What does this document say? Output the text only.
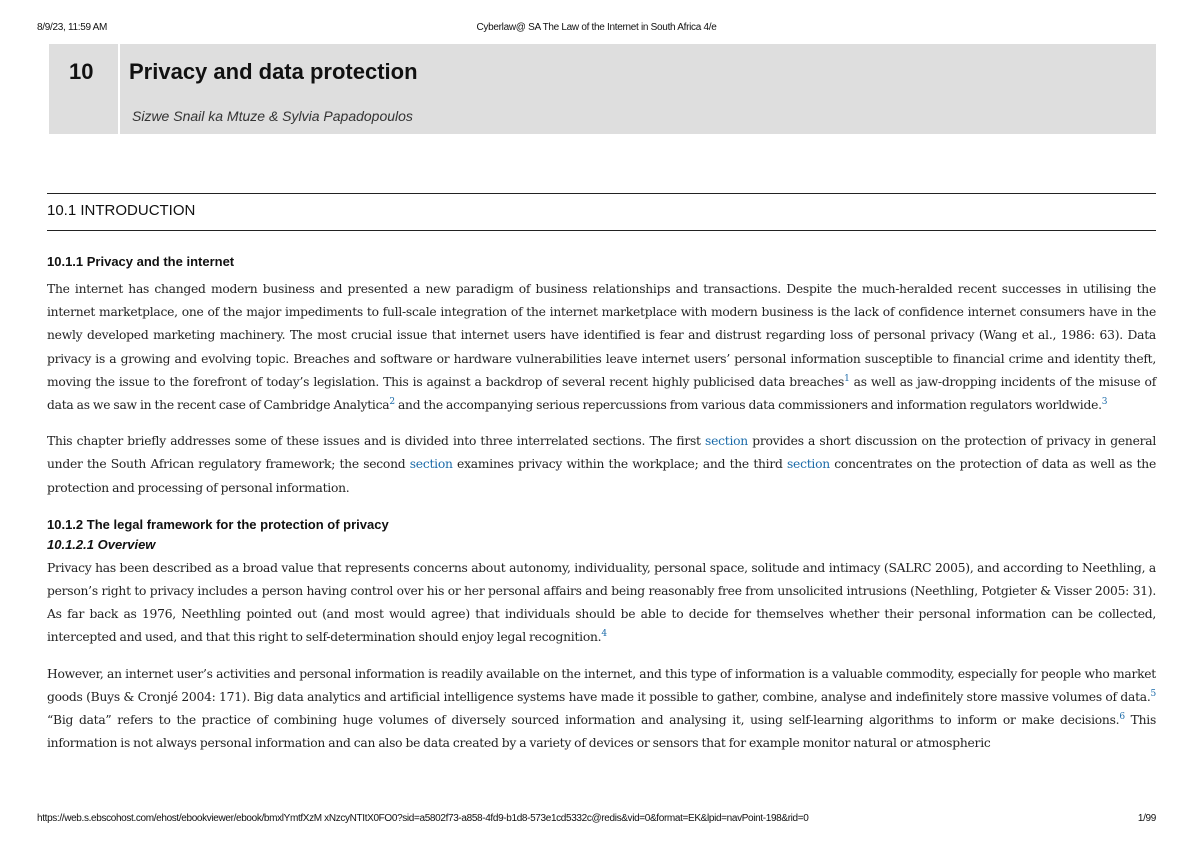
8/9/23, 11:59 AM	Cyberlaw@ SA The Law of the Internet in South Africa 4/e
10 Privacy and data protection
Sizwe Snail ka Mtuze & Sylvia Papadopoulos
10.1 INTRODUCTION
10.1.1 Privacy and the internet

The internet has changed modern business and presented a new paradigm of business relationships and transactions. Despite the much-heralded recent successes in utilising the internet marketplace, one of the major impediments to full-scale integration of the internet marketplace with modern business is the lack of confidence internet consumers have in the newly developed marketing machinery. The most crucial issue that internet users have identified is fear and distrust regarding loss of personal privacy (Wang et al., 1986: 63). Data privacy is a growing and evolving topic. Breaches and software or hardware vulnerabilities leave internet users’ personal information susceptible to financial crime and identity theft, moving the issue to the forefront of today’s legislation. This is against a backdrop of several recent highly publicised data breaches$^1$ as well as jaw-dropping incidents of the misuse of data as we saw in the recent case of Cambridge Analytica$^2$ and the accompanying serious repercussions from various data commissioners and information regulators worldwide.$^3$

This chapter briefly addresses some of these issues and is divided into three interrelated sections. The first section provides a short discussion on the protection of privacy in general under the South African regulatory framework; the second section examines privacy within the workplace; and the third section concentrates on the protection of data as well as the protection and processing of personal information.

10.1.2 The legal framework for the protection of privacy
10.1.2.1 Overview

Privacy has been described as a broad value that represents concerns about autonomy, individuality, personal space, solitude and intimacy (SALRC 2005), and according to Neethling, a person’s right to privacy includes a person having control over his or her personal affairs and being reasonably free from unsolicited intrusions (Neethling, Potgieter & Visser 2005: 31). As far back as 1976, Neethling pointed out (and most would agree) that individuals should be able to decide for themselves whether their personal information can be collected, intercepted and used, and that this right to self-determination should enjoy legal recognition.$^4$

However, an internet user’s activities and personal information is readily available on the internet, and this type of information is a valuable commodity, especially for people who market goods (Buys & Cronjé 2004: 171). Big data analytics and artificial intelligence systems have made it possible to gather, combine, analyse and indefinitely store massive volumes of data.$^5$ “Big data” refers to the practice of combining huge volumes of diversely sourced information and analysing it, using self-learning algorithms to inform or make decisions.$^6$ This information is not always personal information and can also be data created by a variety of devices or sensors that for example monitor natural or atmospheric

https://web.s.ebscohost.com/ehost/ebookviewer/ebook/bmxlYmtfXzM xNzcyNTItX0FO0?sid=a5802f73-a858-4fd9-b1d8-573e1cd5332c@redis&vid=0&format=EK&lpid=navPoint-198&rid=0	1/99
